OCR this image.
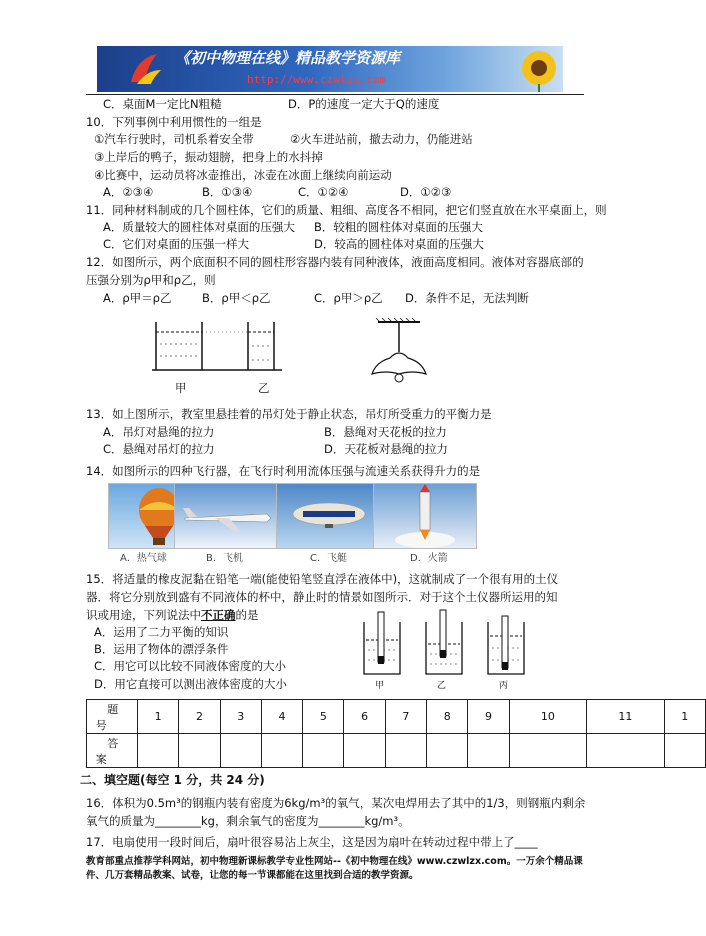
《初中物理在线》精品教学资源库
http://www.czwlzx.com
C．桌面M一定比N粗糙	D．P的速度一定大于Q的速度
10．下列事例中利用惯性的一组是
①汽车行驶时，司机系着安全带	②火车进站前，撤去动力，仍能进站
③上岸后的鸭子，振动翅膀，把身上的水抖掉
④比赛中，运动员将冰壶推出，冰壶在冰面上继续向前运动
A．②③④	B．①③④	C．①②④	D．①②③
11．同种材料制成的几个圆柱体，它们的质量、粗细、高度各不相同，把它们竖直放在水平桌面上，则
A．质量较大的圆柱体对桌面的压强大 B．较粗的圆柱体对桌面的压强大
C．它们对桌面的压强一样大	D．较高的圆柱体对桌面的压强大
12．如图所示，两个底面积不同的圆柱形容器内装有同种液体，液面高度相同。液体对容器底部的
压强分别为ρ甲和ρ乙，则
A．ρ甲＝ρ乙	B．ρ甲＜ρ乙	C．ρ甲＞ρ乙 D．条件不足，无法判断
甲	乙
13．如上图所示，教室里悬挂着的吊灯处于静止状态，吊灯所受重力的平衡力是
A．吊灯对悬绳的拉力	B．悬绳对天花板的拉力
C．悬绳对吊灯的拉力	D．天花板对悬绳的拉力
14．如图所示的四种飞行器，在飞行时利用流体压强与流速关系获得升力的是
A．热气球	B．飞机	C．飞艇	D．火箭
15．将适量的橡皮泥黏在铅笔一端(能使铅笔竖直浮在液体中)，这就制成了一个很有用的土仪
器．将它分别放到盛有不同液体的杯中，静止时的情景如图所示．对于这个土仪器所运用的知
识或用途，下列说法中不正确的是
A．运用了二力平衡的知识
B．运用了物体的漂浮条件
C．用它可以比较不同液体密度的大小
D．用它直接可以测出液体密度的大小	甲	乙	丙
题 号	1	2	3	4	5	6	7	8	9	10	11	1
答 案												
二、填空题(每空 1 分，共 24 分)
16．体积为0.5m³的钢瓶内装有密度为6kg/m³的氧气，某次电焊用去了其中的1/3，则钢瓶内剩余
氧气的质量为________kg，剩余氧气的密度为________kg/m³。
17．电扇使用一段时间后，扇叶很容易沾上灰尘，这是因为扇叶在转动过程中带上了____
教育部重点推荐学科网站，初中物理新课标教学专业性网站--《初中物理在线》www.czwlzx.com。一万余个精品课
件、几万套精品教案、试卷，让您的每一节课都能在这里找到合适的教学资源。
